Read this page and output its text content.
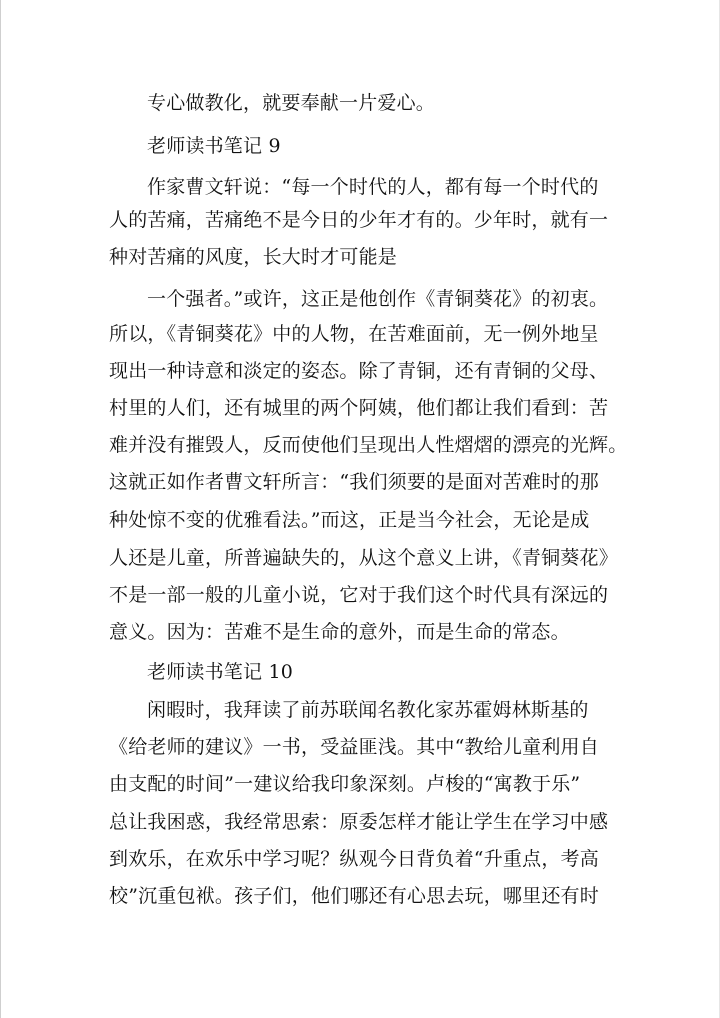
专心做教化，就要奉献一片爱心。
老师读书笔记 9
作家曹文轩说：“每一个时代的人，都有每一个时代的
人的苦痛，苦痛绝不是今日的少年才有的。少年时，就有一
种对苦痛的风度，长大时才可能是
一个强者。”或许，这正是他创作《青铜葵花》的初衷。
所以，《青铜葵花》中的人物，在苦难面前，无一例外地呈
现出一种诗意和淡定的姿态。除了青铜，还有青铜的父母、
村里的人们，还有城里的两个阿姨，他们都让我们看到：苦
难并没有摧毁人，反而使他们呈现出人性熠熠的漂亮的光辉。
这就正如作者曹文轩所言：“我们须要的是面对苦难时的那
种处惊不变的优雅看法。”而这，正是当今社会，无论是成
人还是儿童，所普遍缺失的，从这个意义上讲，《青铜葵花》
不是一部一般的儿童小说，它对于我们这个时代具有深远的
意义。因为：苦难不是生命的意外，而是生命的常态。
老师读书笔记 10
闲暇时，我拜读了前苏联闻名教化家苏霍姆林斯基的
《给老师的建议》一书，受益匪浅。其中“教给儿童利用自
由支配的时间”一建议给我印象深刻。卢梭的“寓教于乐”
总让我困惑，我经常思索：原委怎样才能让学生在学习中感
到欢乐，在欢乐中学习呢？纵观今日背负着“升重点，考高
校”沉重包袱。孩子们，他们哪还有心思去玩，哪里还有时
